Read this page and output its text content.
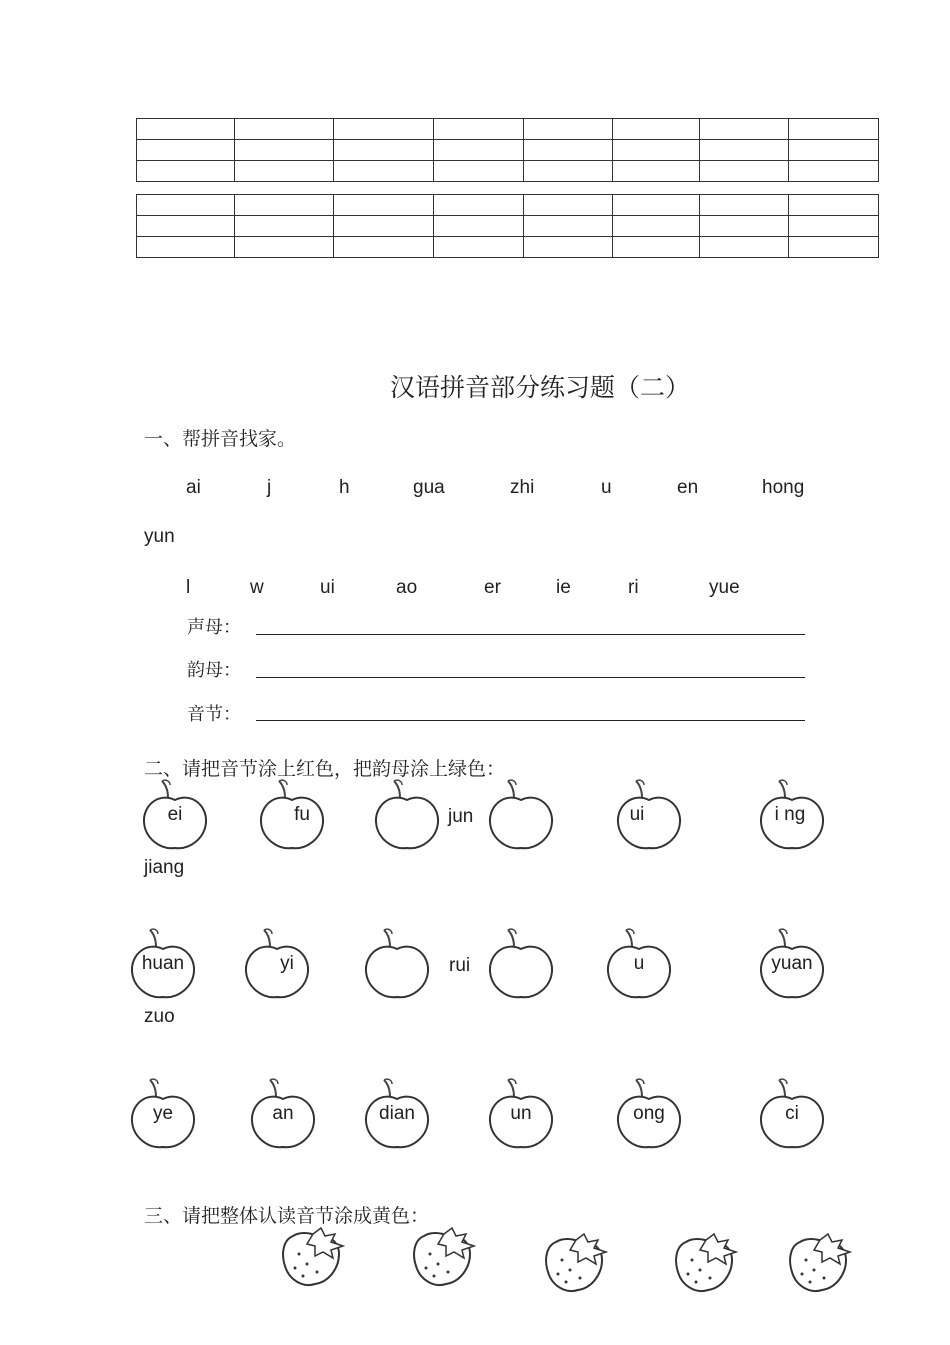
汉语拼音部分练习题（二）
一、帮拼音找家。
ai	j	h	gua	zhi	u	en	hong
yun
l	w	ui	ao	er	ie	ri	yue
声母：
韵母：
音节：
二、请把音节涂上红色，把韵母涂上绿色：
ei	fu	jun	ui	i ng
jiang
huan	yi	rui	u	yuan
zuo
ye	an	dian	un	ong	ci
三、请把整体认读音节涂成黄色：
